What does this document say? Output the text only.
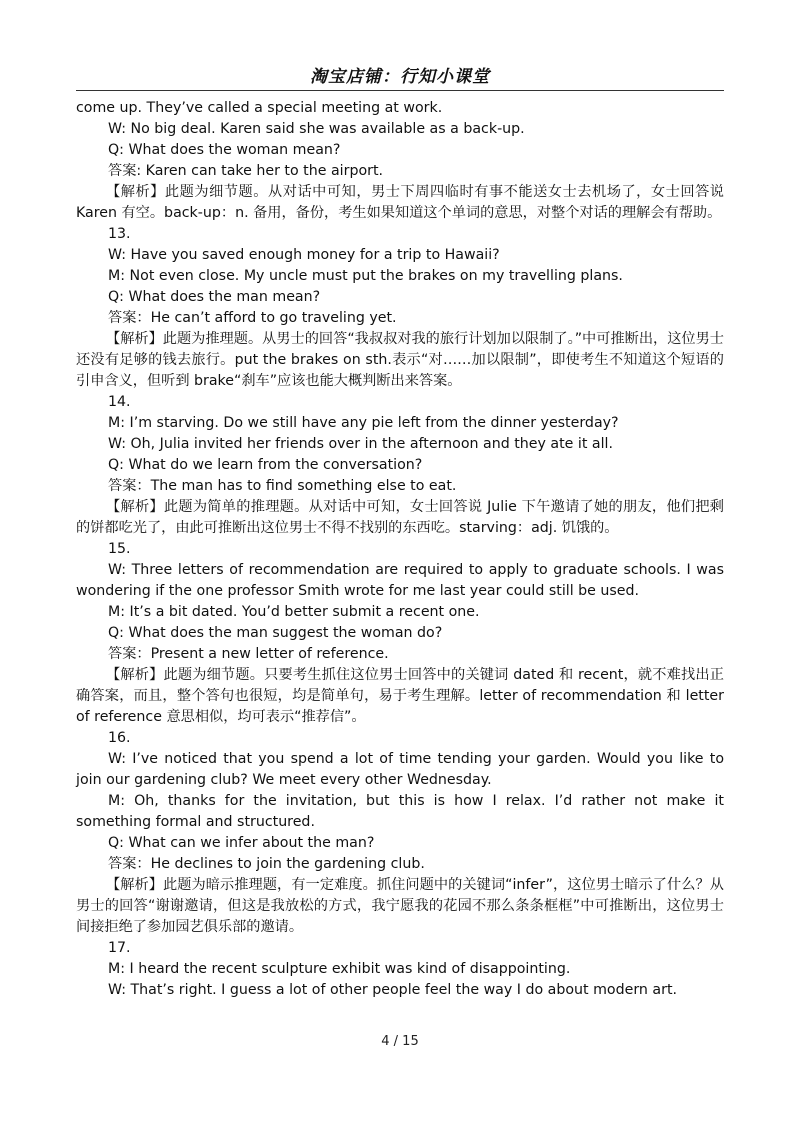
淘宝店铺：行知小课堂

come up. They’ve called a special meeting at work.

W: No big deal. Karen said she was available as a back-up.

Q: What does the woman mean?

答案: Karen can take her to the airport.

【解析】此题为细节题。从对话中可知，男士下周四临时有事不能送女士去机场了，女士回答说 Karen 有空。back-up：n. 备用，备份，考生如果知道这个单词的意思，对整个对话的理解会有帮助。

13.

W: Have you saved enough money for a trip to Hawaii?

M: Not even close. My uncle must put the brakes on my travelling plans.

Q: What does the man mean?

答案：He can’t afford to go traveling yet.

【解析】此题为推理题。从男士的回答“我叔叔对我的旅行计划加以限制了。”中可推断出，这位男士还没有足够的钱去旅行。put the brakes on sth.表示“对……加以限制”，即使考生不知道这个短语的引申含义，但听到 brake“刹车”应该也能大概判断出来答案。

14.

M: I’m starving. Do we still have any pie left from the dinner yesterday?

W: Oh, Julia invited her friends over in the afternoon and they ate it all.

Q: What do we learn from the conversation?

答案：The man has to find something else to eat.

【解析】此题为简单的推理题。从对话中可知，女士回答说 Julie 下午邀请了她的朋友，他们把剩的饼都吃光了，由此可推断出这位男士不得不找别的东西吃。starving：adj. 饥饿的。

15.

W: Three letters of recommendation are required to apply to graduate schools. I was wondering if the one professor Smith wrote for me last year could still be used.

M: It’s a bit dated. You’d better submit a recent one.

Q: What does the man suggest the woman do?

答案：Present a new letter of reference.

【解析】此题为细节题。只要考生抓住这位男士回答中的关键词 dated 和 recent，就不难找出正确答案，而且，整个答句也很短，均是简单句，易于考生理解。letter of recommendation 和 letter of reference 意思相似，均可表示“推荐信”。

16.

W: I’ve noticed that you spend a lot of time tending your garden. Would you like to join our gardening club? We meet every other Wednesday.

M: Oh, thanks for the invitation, but this is how I relax. I’d rather not make it something formal and structured.

Q: What can we infer about the man?

答案：He declines to join the gardening club.

【解析】此题为暗示推理题，有一定难度。抓住问题中的关键词“infer”，这位男士暗示了什么？从男士的回答“谢谢邀请，但这是我放松的方式，我宁愿我的花园不那么条条框框”中可推断出，这位男士间接拒绝了参加园艺俱乐部的邀请。

17.

M: I heard the recent sculpture exhibit was kind of disappointing.

W: That’s right. I guess a lot of other people feel the way I do about modern art.

4 / 15
